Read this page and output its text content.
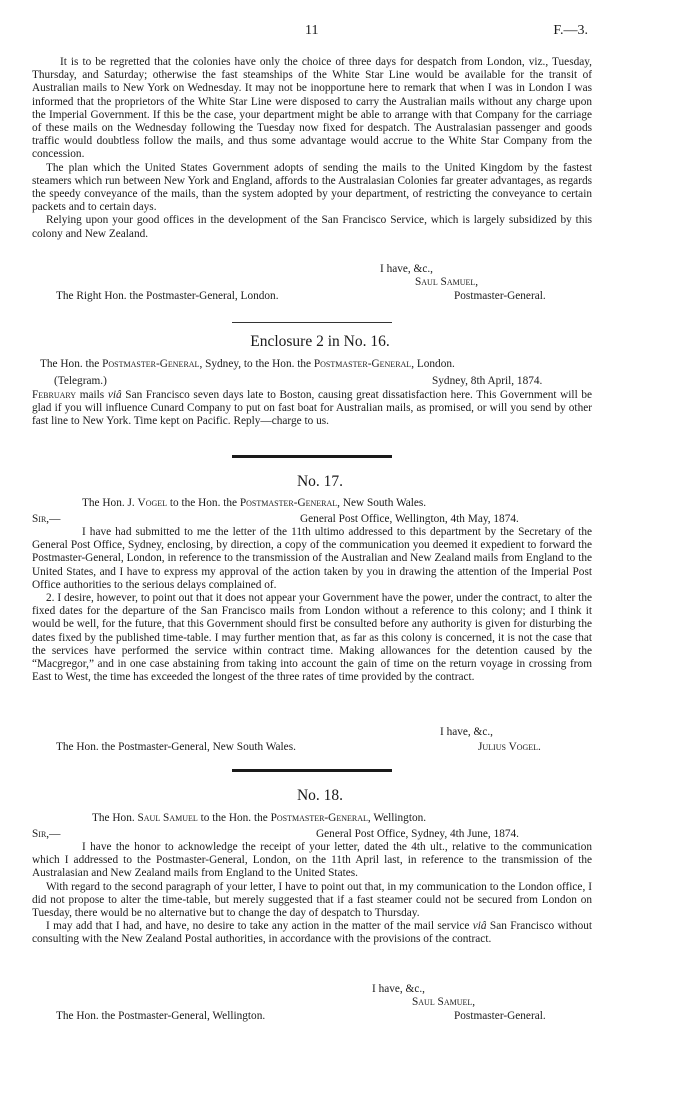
11	F.—3.

It is to be regretted that the colonies have only the choice of three days for despatch from London, viz., Tuesday, Thursday, and Saturday; otherwise the fast steamships of the White Star Line would be available for the transit of Australian mails to New York on Wednesday. It may not be inopportune here to remark that when I was in London I was informed that the proprietors of the White Star Line were disposed to carry the Australian mails without any charge upon the Imperial Government. If this be the case, your department might be able to arrange with that Company for the carriage of these mails on the Wednesday following the Tuesday now fixed for despatch. The Australasian passenger and goods traffic would doubtless follow the mails, and thus some advantage would accrue to the White Star Company from the concession.

The plan which the United States Government adopts of sending the mails to the United Kingdom by the fastest steamers which run between New York and England, affords to the Australasian Colonies far greater advantages, as regards the speedy conveyance of the mails, than the system adopted by your department, of restricting the conveyance to certain packets and to certain days.

Relying upon your good offices in the development of the San Francisco Service, which is largely subsidized by this colony and New Zealand.

I have, &c.,
Saul Samuel,
The Right Hon. the Postmaster-General, London.	Postmaster-General.
Enclosure 2 in No. 16.
The Hon. the Postmaster-General, Sydney, to the Hon. the Postmaster-General, London.
(Telegram.)	Sydney, 8th April, 1874.

February mails viâ San Francisco seven days late to Boston, causing great dissatisfaction here. This Government will be glad if you will influence Cunard Company to put on fast boat for Australian mails, as promised, or will you send by other fast line to New York. Time kept on Pacific. Reply—charge to us.

No. 17.
The Hon. J. Vogel to the Hon. the Postmaster-General, New South Wales.
Sir,—	General Post Office, Wellington, 4th May, 1874.

I have had submitted to me the letter of the 11th ultimo addressed to this department by the Secretary of the General Post Office, Sydney, enclosing, by direction, a copy of the communication you deemed it expedient to forward the Postmaster-General, London, in reference to the transmission of the Australian and New Zealand mails from England to the United States, and I have to express my approval of the action taken by you in drawing the attention of the Imperial Post Office authorities to the serious delays complained of.

2. I desire, however, to point out that it does not appear your Government have the power, under the contract, to alter the fixed dates for the departure of the San Francisco mails from London without a reference to this colony; and I think it would be well, for the future, that this Government should first be consulted before any authority is given for disturbing the dates fixed by the published time-table. I may further mention that, as far as this colony is concerned, it is not the case that the services have performed the service within contract time. Making allowances for the detention caused by the “Macgregor,” and in one case abstaining from taking into account the gain of time on the return voyage in crossing from East to West, the time has exceeded the longest of the three rates of time provided by the contract.

I have, &c.,
The Hon. the Postmaster-General, New South Wales.	Julius Vogel.
No. 18.
The Hon. Saul Samuel to the Hon. the Postmaster-General, Wellington.
Sir,—	General Post Office, Sydney, 4th June, 1874.

I have the honor to acknowledge the receipt of your letter, dated the 4th ult., relative to the communication which I addressed to the Postmaster-General, London, on the 11th April last, in reference to the transmission of the Australasian and New Zealand mails from England to the United States.

With regard to the second paragraph of your letter, I have to point out that, in my communication to the London office, I did not propose to alter the time-table, but merely suggested that if a fast steamer could not be secured from London on Tuesday, there would be no alternative but to change the day of despatch to Thursday.

I may add that I had, and have, no desire to take any action in the matter of the mail service viâ San Francisco without consulting with the New Zealand Postal authorities, in accordance with the provisions of the contract.

I have, &c.,
Saul Samuel,
The Hon. the Postmaster-General, Wellington.	Postmaster-General.
